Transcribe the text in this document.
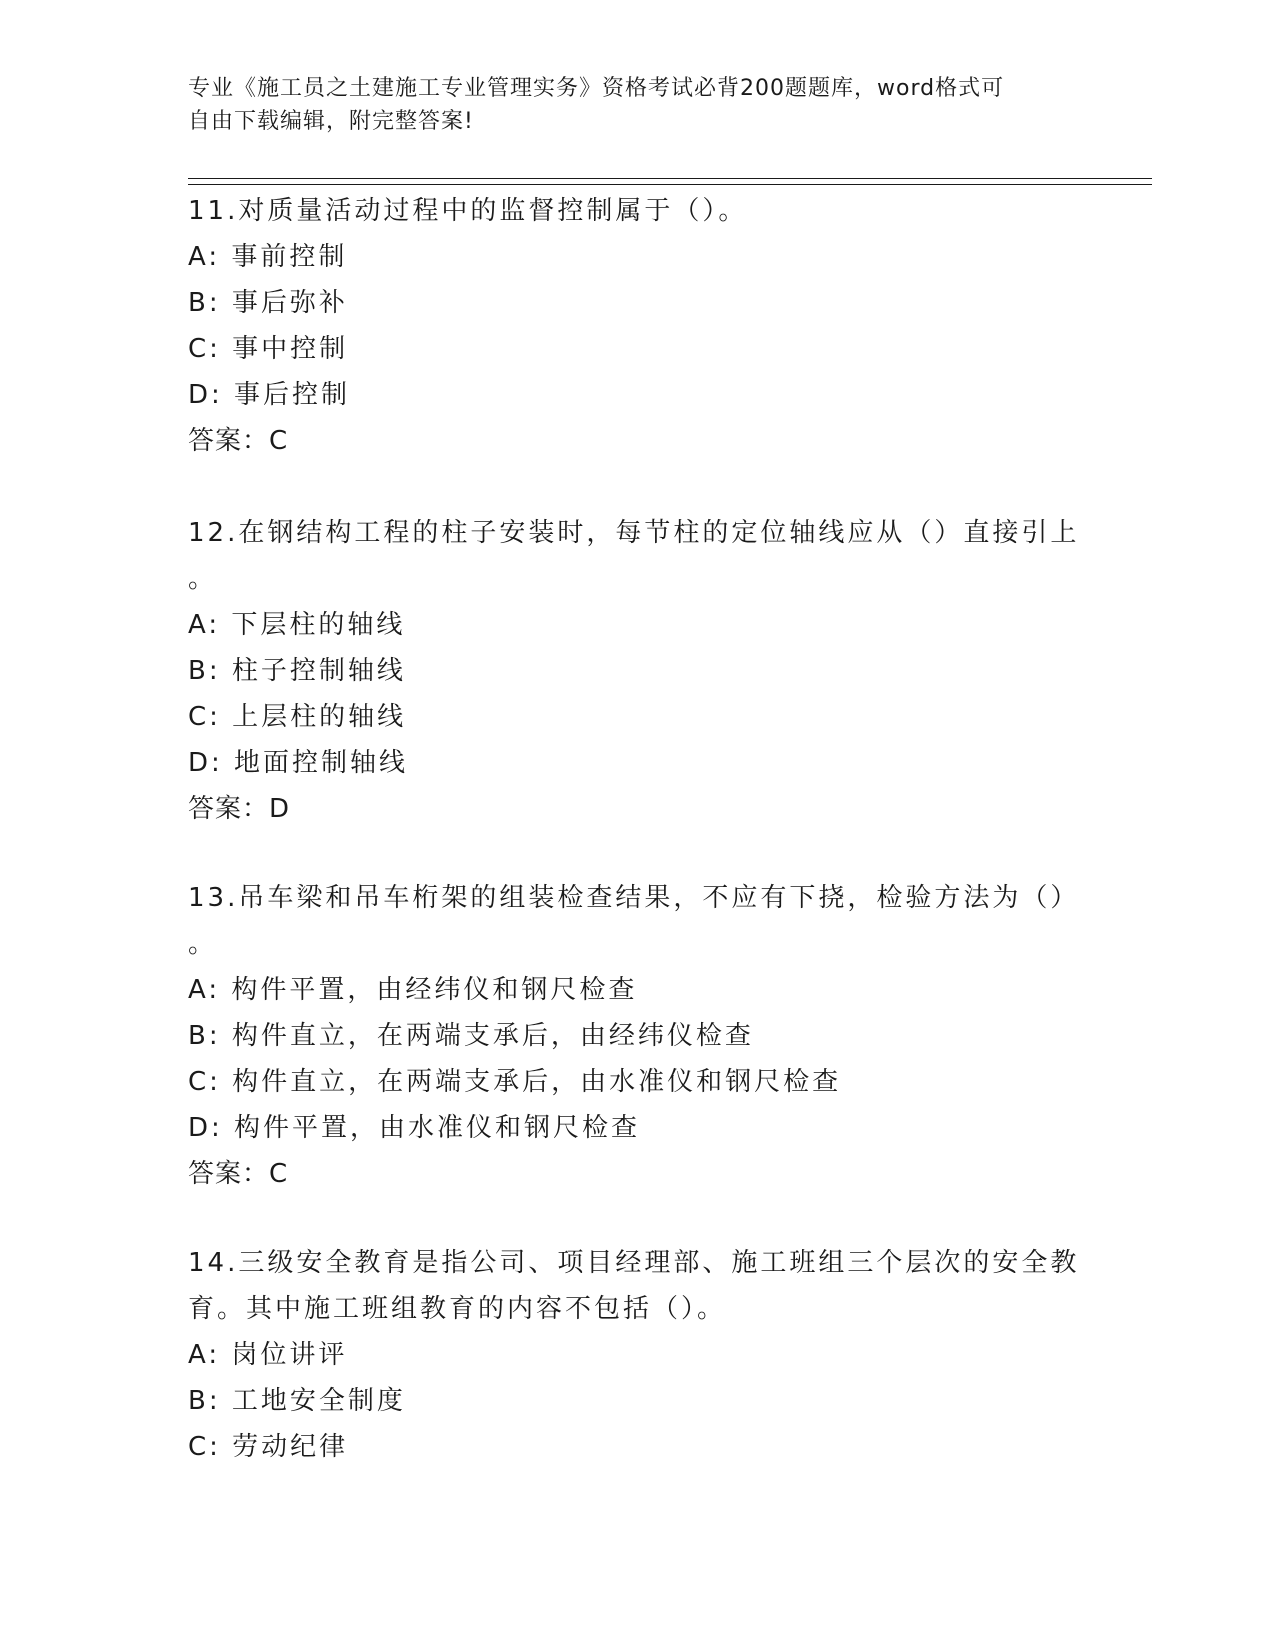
专业《施工员之土建施工专业管理实务》资格考试必背200题题库，word格式可
自由下载编辑，附完整答案!
11.对质量活动过程中的监督控制属于（）。
A: 事前控制
B: 事后弥补
C: 事中控制
D: 事后控制
答案：C
12.在钢结构工程的柱子安装时，每节柱的定位轴线应从（）直接引上
。
A: 下层柱的轴线
B: 柱子控制轴线
C: 上层柱的轴线
D: 地面控制轴线
答案：D
13.吊车梁和吊车桁架的组装检查结果，不应有下挠，检验方法为（）
。
A: 构件平置，由经纬仪和钢尺检查
B: 构件直立，在两端支承后，由经纬仪检查
C: 构件直立，在两端支承后，由水准仪和钢尺检查
D: 构件平置，由水准仪和钢尺检查
答案：C
14.三级安全教育是指公司、项目经理部、施工班组三个层次的安全教
育。其中施工班组教育的内容不包括（）。
A: 岗位讲评
B: 工地安全制度
C: 劳动纪律
